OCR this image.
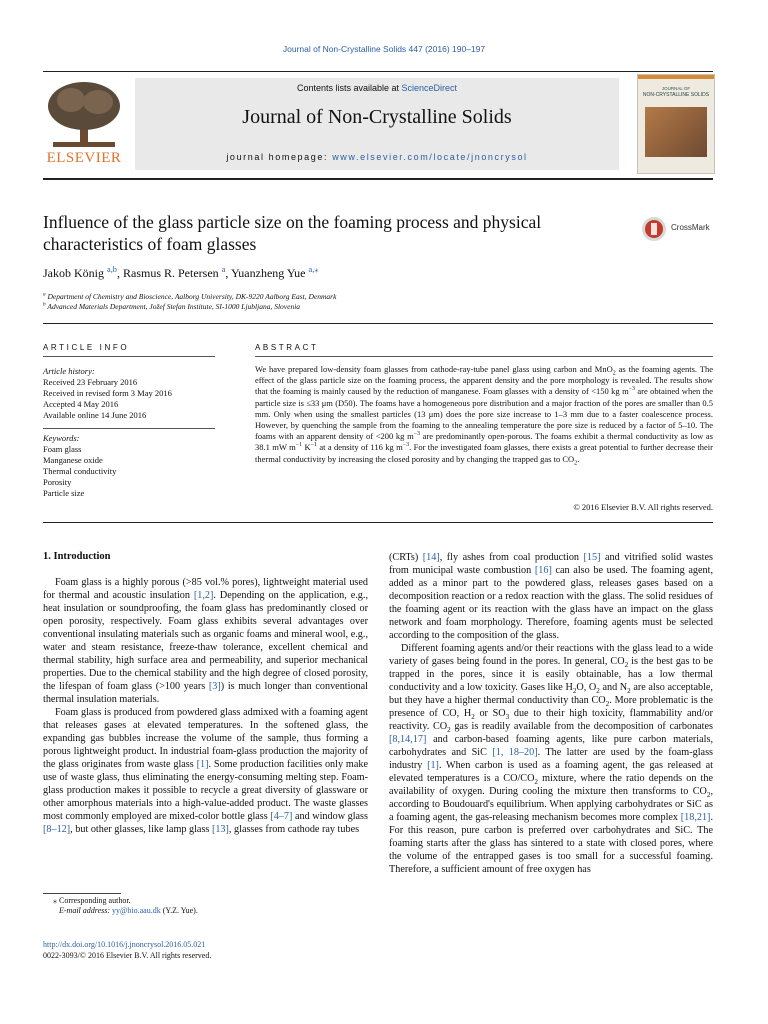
Journal of Non-Crystalline Solids 447 (2016) 190–197
ELSEVIER
Contents lists available at ScienceDirect
Journal of Non-Crystalline Solids
journal homepage: www.elsevier.com/locate/jnoncrysol
JOURNAL OF
NON-CRYSTALLINE SOLIDS
Influence of the glass particle size on the foaming process and physical characteristics of foam glasses
CrossMark
Jakob König $^{a,b}$, Rasmus R. Petersen $^a$, Yuanzheng Yue $^{a,⁎}$
$^a$ Department of Chemistry and Bioscience, Aalborg University, DK-9220 Aalborg East, Denmark
$^b$ Advanced Materials Department, Jožef Stefan Institute, SI-1000 Ljubljana, Slovenia
ARTICLE INFO
Article history:
Received 23 February 2016
Received in revised form 3 May 2016
Accepted 4 May 2016
Available online 14 June 2016
Keywords:
Foam glass
Manganese oxide
Thermal conductivity
Porosity
Particle size
ABSTRACT
We have prepared low-density foam glasses from cathode-ray-tube panel glass using carbon and MnO$_2$ as the foaming agents. The effect of the glass particle size on the foaming process, the apparent density and the pore morphology is revealed. The results show that the foaming is mainly caused by the reduction of manganese. Foam glasses with a density of <150 kg $m^{-3}$ are obtained when the particle size is ≤33 μm (D50). The foams have a homogeneous pore distribution and a major fraction of the pores are smaller than 0.5 mm. Only when using the smallest particles (13 μm) does the pore size increase to 1–3 mm due to a faster coalescence process. However, by quenching the sample from the foaming to the annealing temperature the pore size is reduced by a factor of 5–10. The foams with an apparent density of <200 kg $m^{-3}$ are predominantly open-porous. The foams exhibit a thermal conductivity as low as 38.1 mW $m^{-1}$ $K^{-1}$ at a density of 116 kg $m^{-3}$. For the investigated foam glasses, there exists a great potential to further decrease their thermal conductivity by increasing the closed porosity and by changing the trapped gas to $CO_2$.
© 2016 Elsevier B.V. All rights reserved.
1. Introduction

Foam glass is a highly porous (>85 vol.% pores), lightweight material used for thermal and acoustic insulation [1,2]. Depending on the application, e.g., heat insulation or soundproofing, the foam glass has predominantly closed or open porosity, respectively. Foam glass exhibits several advantages over conventional insulating materials such as organic foams and mineral wool, e.g., water and steam resistance, freeze-thaw tolerance, excellent chemical and thermal stability, high surface area and permeability, and superior mechanical properties. Due to the chemical stability and the high degree of closed porosity, the lifespan of foam glass (>100 years [3]) is much longer than conventional thermal insulation materials.

Foam glass is produced from powdered glass admixed with a foaming agent that releases gases at elevated temperatures. In the softened glass, the expanding gas bubbles increase the volume of the sample, thus forming a porous lightweight product. In industrial foam-glass production the majority of the glass originates from waste glass [1]. Some production facilities only make use of waste glass, thus eliminating the energy-consuming melting step. Foam-glass production makes it possible to recycle a great diversity of glassware or other amorphous materials into a high-value-added product. The waste glasses most commonly employed are mixed-color bottle glass [4–7] and window glass [8–12], but other glasses, like lamp glass [13], glasses from cathode ray tubes

(CRTs) [14], fly ashes from coal production [15] and vitrified solid wastes from municipal waste combustion [16] can also be used. The foaming agent, added as a minor part to the powdered glass, releases gases based on a decomposition reaction or a redox reaction with the glass. The solid residues of the foaming agent or its reaction with the glass have an impact on the glass network and foam morphology. Therefore, foaming agents must be selected according to the composition of the glass.

Different foaming agents and/or their reactions with the glass lead to a wide variety of gases being found in the pores. In general, $CO_2$ is the best gas to be trapped in the pores, since it is easily obtainable, has a low thermal conductivity and a low toxicity. Gases like $H_2O$, $O_2$ and $N_2$ are also acceptable, but they have a higher thermal conductivity than $CO_2$. More problematic is the presence of CO, $H_2$ or $SO_3$ due to their high toxicity, flammability and/or reactivity. $CO_2$ gas is readily available from the decomposition of carbonates [8,14,17] and carbon-based foaming agents, like pure carbon materials, carbohydrates and SiC [1, 18–20]. The latter are used by the foam-glass industry [1]. When carbon is used as a foaming agent, the gas released at elevated temperatures is a $CO/CO_2$ mixture, where the ratio depends on the availability of oxygen. During cooling the mixture then transforms to $CO_2$, according to Boudouard's equilibrium. When applying carbohydrates or SiC as a foaming agent, the gas-releasing mechanism becomes more complex [18,21]. For this reason, pure carbon is preferred over carbohydrates and SiC. The foaming starts after the glass has sintered to a state with closed pores, where the volume of the entrapped gases is too small for a successful foaming. Therefore, a sufficient amount of free oxygen has

⁎ Corresponding author.
E-mail address: yy@bio.aau.dk (Y.Z. Yue).
http://dx.doi.org/10.1016/j.jnoncrysol.2016.05.021
0022-3093/© 2016 Elsevier B.V. All rights reserved.
